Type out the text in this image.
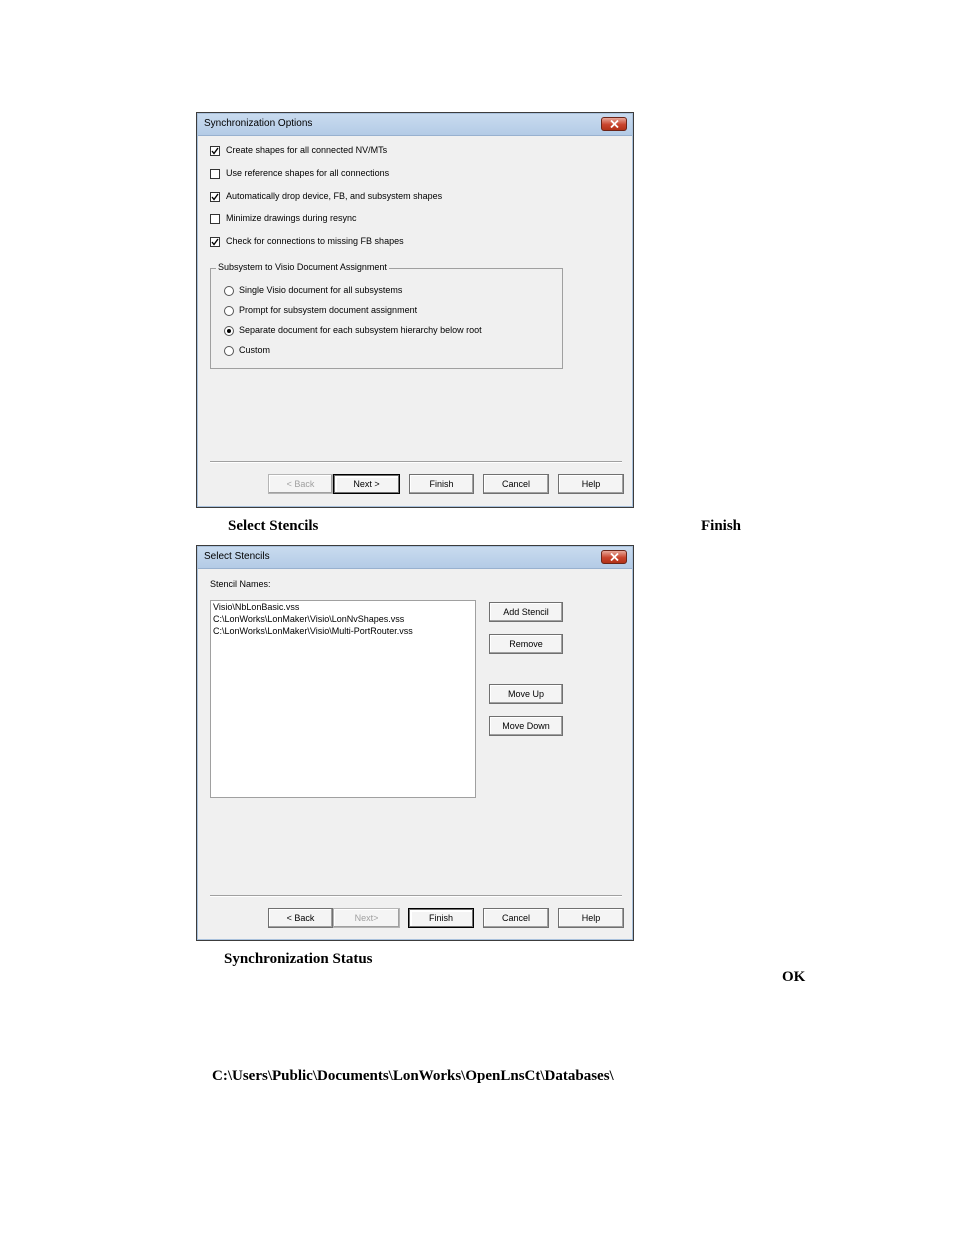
Synchronization Options
Create shapes for all connected NV/MTs
Use reference shapes for all connections
Automatically drop device, FB, and subsystem shapes
Minimize drawings during resync
Check for connections to missing FB shapes
Subsystem to Visio Document Assignment
Single Visio document for all subsystems
Prompt for subsystem document assignment
Separate document for each subsystem hierarchy below root
Custom
< Back	Next >	Finish	Cancel	Help
Select Stencils	Finish
Select Stencils
Stencil Names:
Visio\NbLonBasic.vss
C:\LonWorks\LonMaker\Visio\LonNvShapes.vss
C:\LonWorks\LonMaker\Visio\Multi-PortRouter.vss
Add Stencil
Remove
Move Up
Move Down
< Back	Next>	Finish	Cancel	Help
Synchronization Status
OK
C:\Users\Public\Documents\LonWorks\OpenLnsCt\Databases\
